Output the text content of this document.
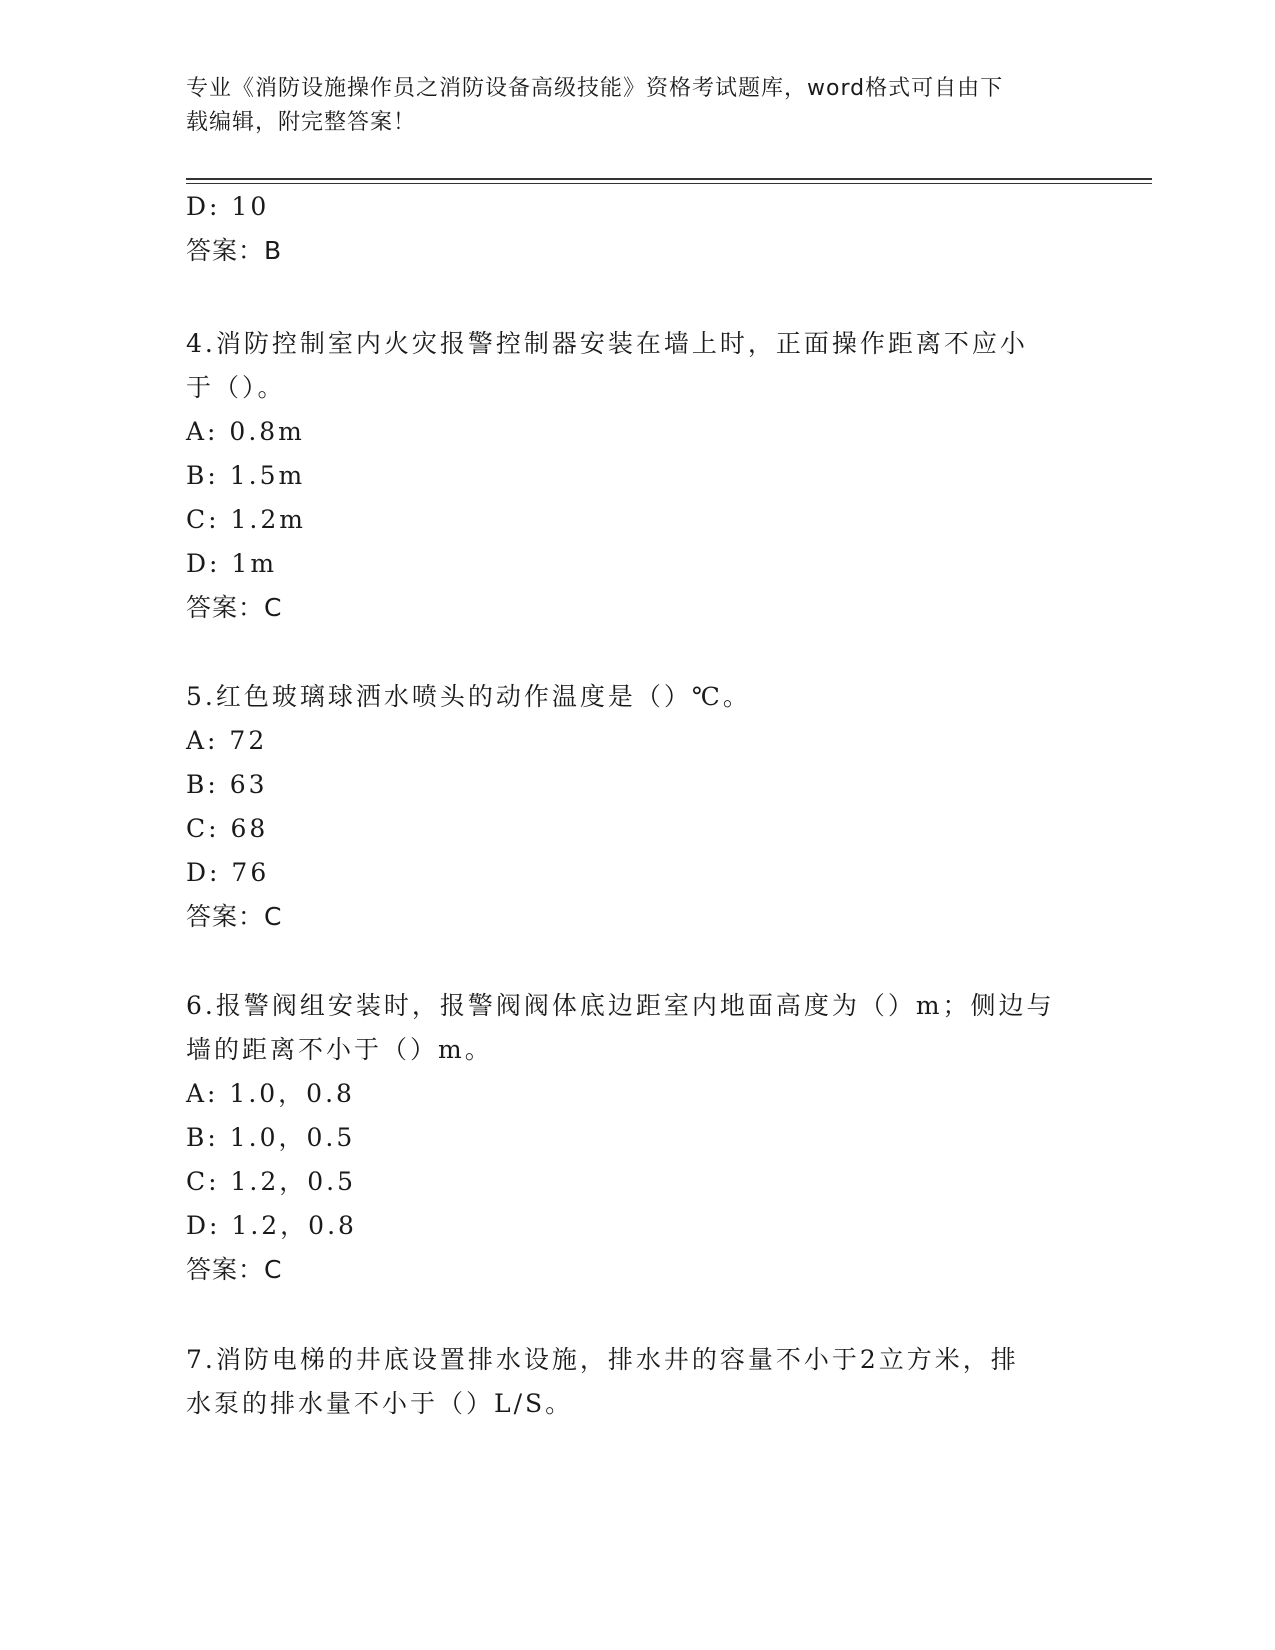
专业《消防设施操作员之消防设备高级技能》资格考试题库，word格式可自由下
载编辑，附完整答案！
D: 10
答案：B
4.消防控制室内火灾报警控制器安装在墙上时，正面操作距离不应小
于（）。
A: 0.8m
B: 1.5m
C: 1.2m
D: 1m
答案：C
5.红色玻璃球洒水喷头的动作温度是（）℃。
A: 72
B: 63
C: 68
D: 76
答案：C
6.报警阀组安装时，报警阀阀体底边距室内地面高度为（）m；侧边与
墙的距离不小于（）m。
A: 1.0，0.8
B: 1.0，0.5
C: 1.2，0.5
D: 1.2，0.8
答案：C
7.消防电梯的井底设置排水设施，排水井的容量不小于2立方米，排
水泵的排水量不小于（）L/S。
